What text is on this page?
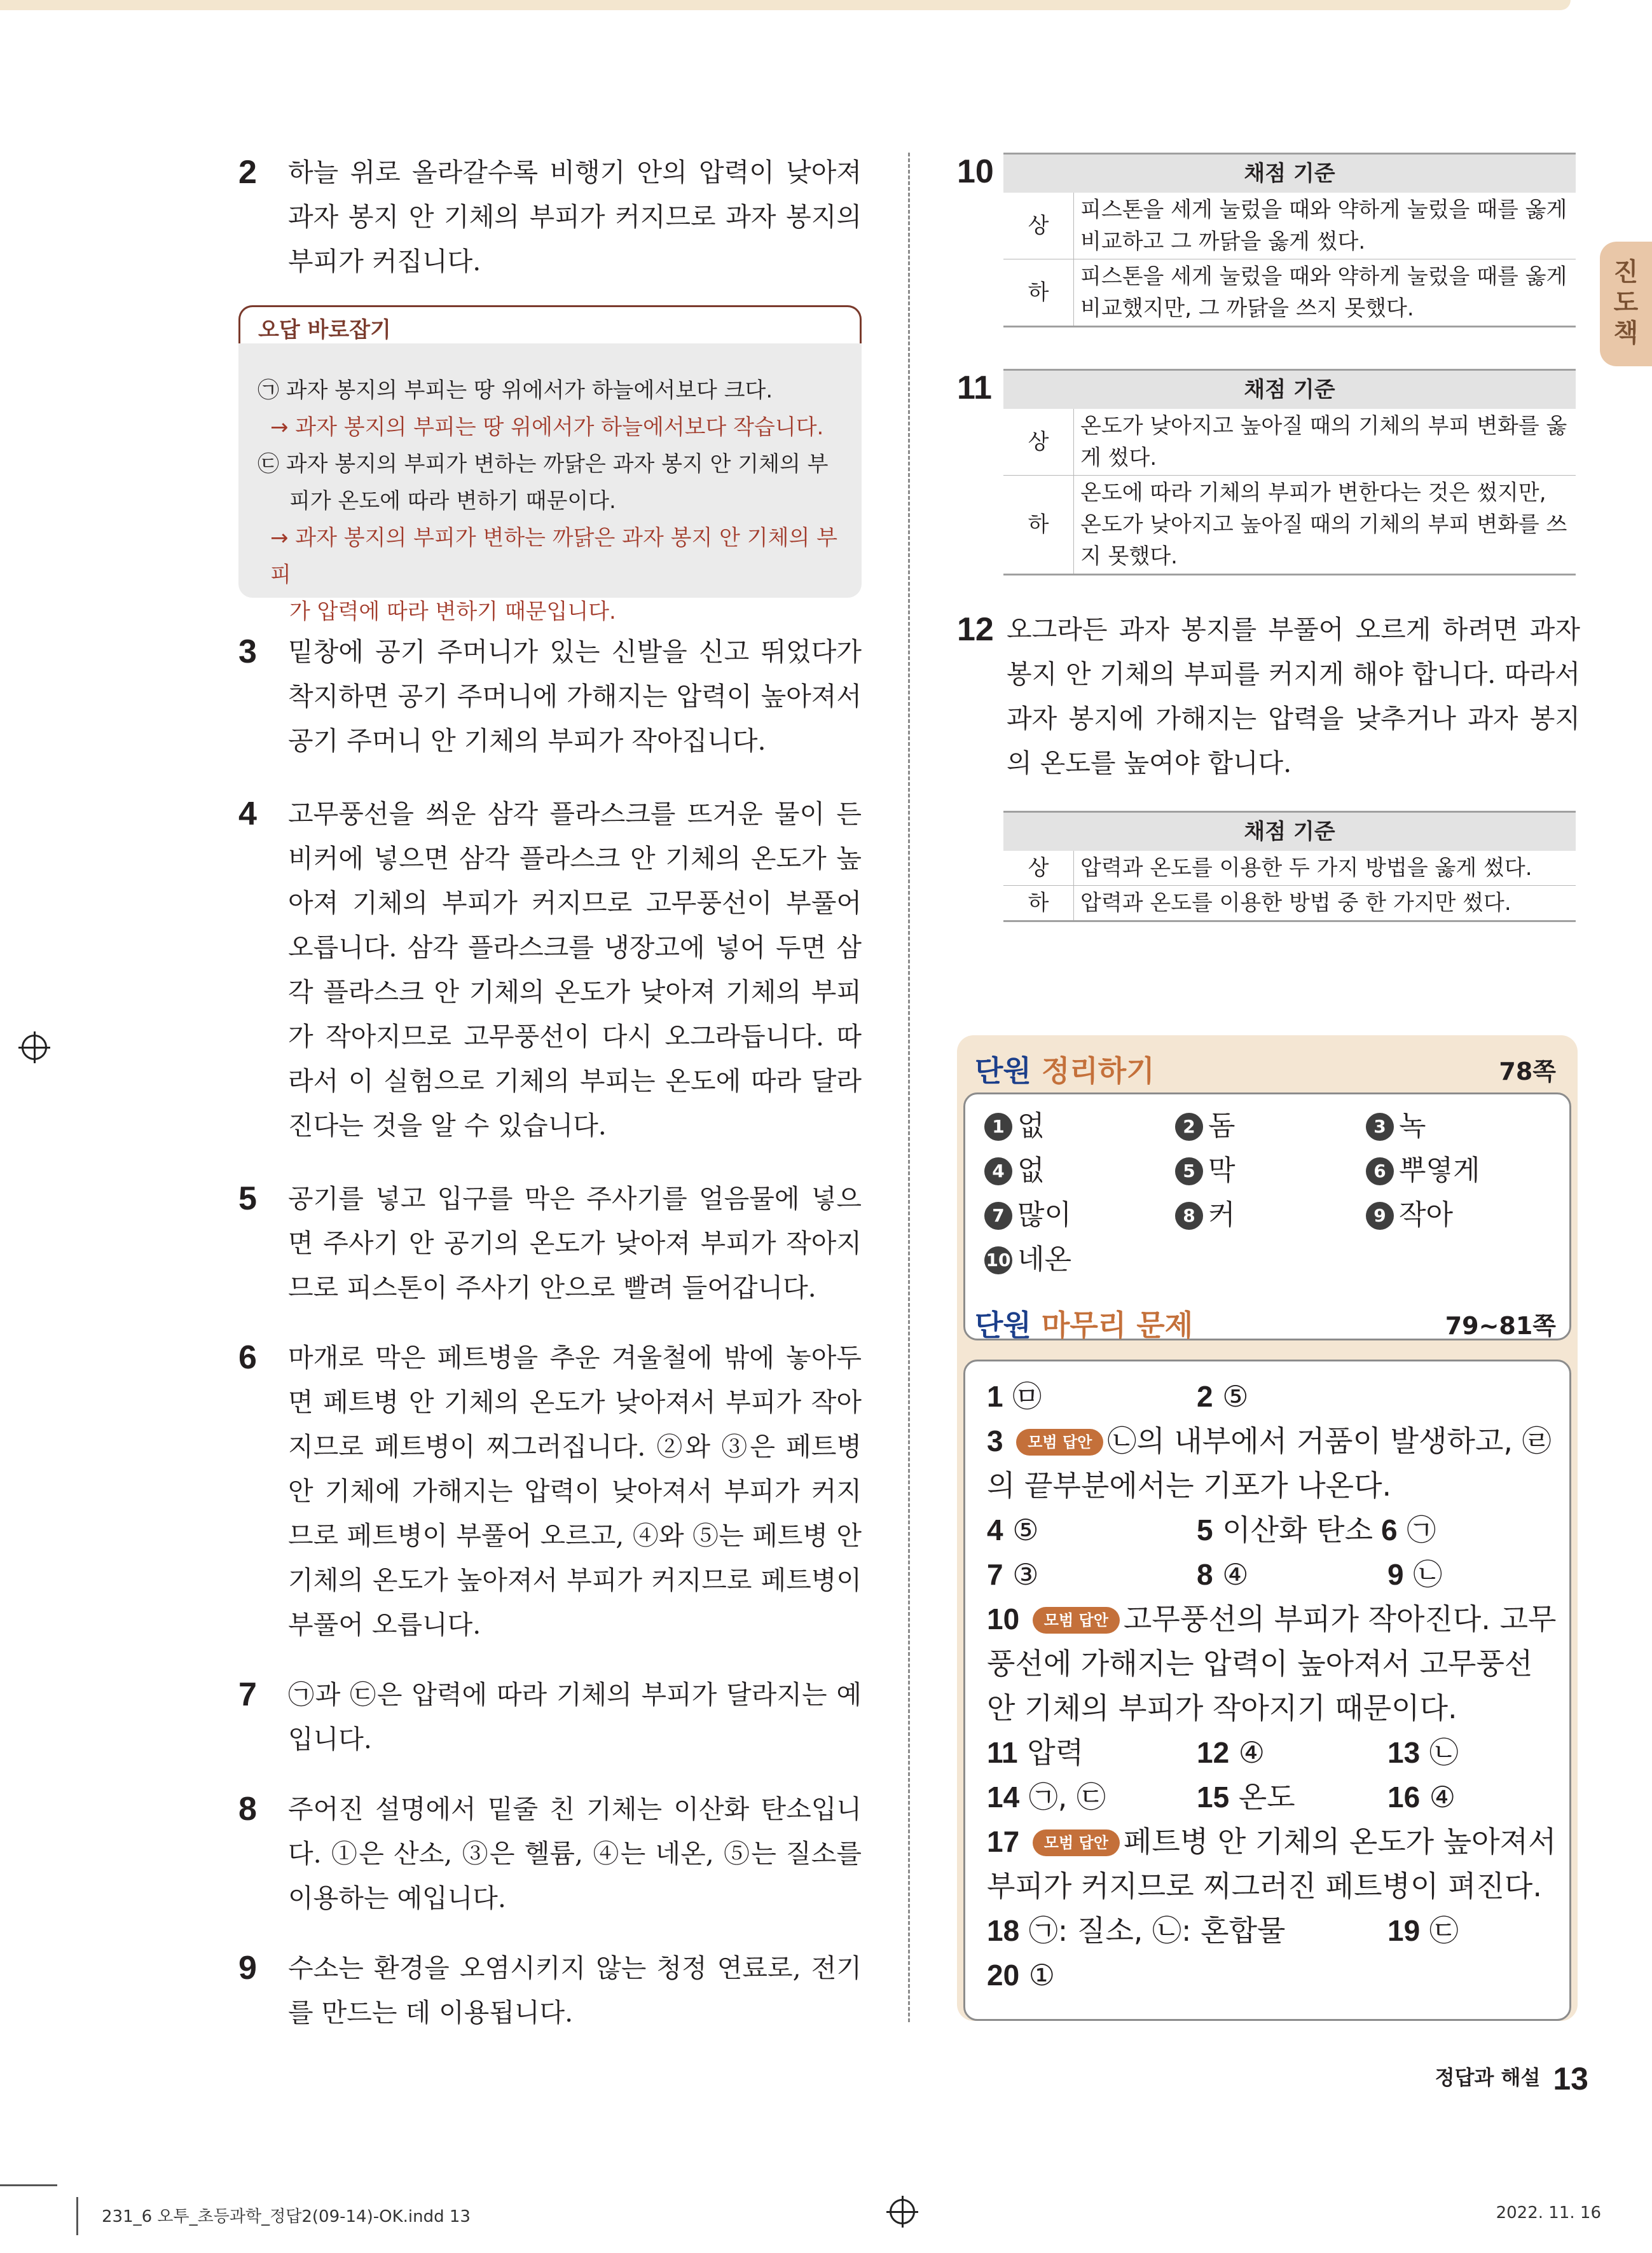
진도책
2 하늘 위로 올라갈수록 비행기 안의 압력이 낮아져 과자 봉지 안 기체의 부피가 커지므로 과자 봉지의 부피가 커집니다.
오답 바로잡기
㉠ 과자 봉지의 부피는 땅 위에서가 하늘에서보다 크다.
→ 과자 봉지의 부피는 땅 위에서가 하늘에서보다 작습니다.
㉢ 과자 봉지의 부피가 변하는 까닭은 과자 봉지 안 기체의 부
피가 온도에 따라 변하기 때문이다.
→ 과자 봉지의 부피가 변하는 까닭은 과자 봉지 안 기체의 부피
가 압력에 따라 변하기 때문입니다.
3 밑창에 공기 주머니가 있는 신발을 신고 뛰었다가 착지하면 공기 주머니에 가해지는 압력이 높아져서 공기 주머니 안 기체의 부피가 작아집니다.
4 고무풍선을 씌운 삼각 플라스크를 뜨거운 물이 든 비커에 넣으면 삼각 플라스크 안 기체의 온도가 높아져 기체의 부피가 커지므로 고무풍선이 부풀어 오릅니다. 삼각 플라스크를 냉장고에 넣어 두면 삼각 플라스크 안 기체의 온도가 낮아져 기체의 부피가 작아지므로 고무풍선이 다시 오그라듭니다. 따라서 이 실험으로 기체의 부피는 온도에 따라 달라진다는 것을 알 수 있습니다.
5 공기를 넣고 입구를 막은 주사기를 얼음물에 넣으면 주사기 안 공기의 온도가 낮아져 부피가 작아지므로 피스톤이 주사기 안으로 빨려 들어갑니다.
6 마개로 막은 페트병을 추운 겨울철에 밖에 놓아두면 페트병 안 기체의 온도가 낮아져서 부피가 작아지므로 페트병이 찌그러집니다. ②와 ③은 페트병 안 기체에 가해지는 압력이 낮아져서 부피가 커지므로 페트병이 부풀어 오르고, ④와 ⑤는 페트병 안 기체의 온도가 높아져서 부피가 커지므로 페트병이 부풀어 오릅니다.
7 ㉠과 ㉢은 압력에 따라 기체의 부피가 달라지는 예입니다.
8 주어진 설명에서 밑줄 친 기체는 이산화 탄소입니다. ①은 산소, ③은 헬륨, ④는 네온, ⑤는 질소를 이용하는 예입니다.
9 수소는 환경을 오염시키지 않는 청정 연료로, 전기를 만드는 데 이용됩니다.
10	채점 기준	
상	피스톤을 세게 눌렀을 때와 약하게 눌렀을 때를 옳게 비교하고 그 까닭을 옳게 썼다.
하	피스톤을 세게 눌렀을 때와 약하게 눌렀을 때를 옳게 비교했지만, 그 까닭을 쓰지 못했다.
11	채점 기준	
상	온도가 낮아지고 높아질 때의 기체의 부피 변화를 옳게 썼다.
하	온도에 따라 기체의 부피가 변한다는 것은 썼지만, 온도가 낮아지고 높아질 때의 기체의 부피 변화를 쓰지 못했다.
12 오그라든 과자 봉지를 부풀어 오르게 하려면 과자 봉지 안 기체의 부피를 커지게 해야 합니다. 따라서 과자 봉지에 가해지는 압력을 낮추거나 과자 봉지의 온도를 높여야 합니다.
채점 기준	
상	압력과 온도를 이용한 두 가지 방법을 옳게 썼다.
하	압력과 온도를 이용한 방법 중 한 가지만 썼다.
단원 정리하기	78쪽
1 없	2 돔	3 녹
4 없	5 막	6 뿌옇게
7 많이	8 커	9 작아
10 네온
단원 마무리 문제	79~81쪽
1 ㉤	2 ⑤
3 모범 답안 ㉡의 내부에서 거품이 발생하고, ㉣의 끝부분에서는 기포가 나온다.
4 ⑤	5 이산화 탄소 6 ㉠
7 ③	8 ④	9 ㉡
10 모범 답안 고무풍선의 부피가 작아진다. 고무풍선에 가해지는 압력이 높아져서 고무풍선 안 기체의 부피가 작아지기 때문이다.
11 압력	12 ④	13 ㉡
14 ㉠, ㉢	15 온도	16 ④
17 모범 답안 페트병 안 기체의 온도가 높아져서 부피가 커지므로 찌그러진 페트병이 펴진다.
18 ㉠: 질소, ㉡: 혼합물	19 ㉢
20 ①
정답과 해설 13
231_6 오투_초등과학_정답2(09-14)-OK.indd 13	2022. 11. 16
